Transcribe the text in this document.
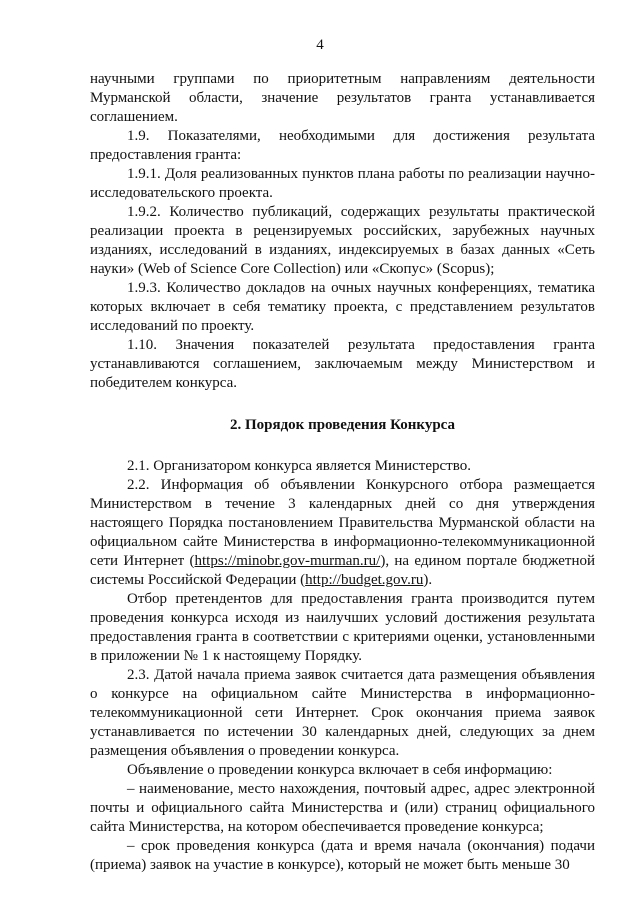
4

научными группами по приоритетным направлениям деятельности Мурманской области, значение результатов гранта устанавливается соглашением.

1.9. Показателями, необходимыми для достижения результата предоставления гранта:

1.9.1. Доля реализованных пунктов плана работы по реализации научно-исследовательского проекта.

1.9.2. Количество публикаций, содержащих результаты практической реализации проекта в рецензируемых российских, зарубежных научных изданиях, исследований в изданиях, индексируемых в базах данных «Сеть науки» (Web of Science Core Collection) или «Скопус» (Scopus);

1.9.3. Количество докладов на очных научных конференциях, тематика которых включает в себя тематику проекта, с представлением результатов исследований по проекту.

1.10. Значения показателей результата предоставления гранта устанавливаются соглашением, заключаемым между Министерством и победителем конкурса.

2. Порядок проведения Конкурса

2.1. Организатором конкурса является Министерство.

2.2. Информация об объявлении Конкурсного отбора размещается Министерством в течение 3 календарных дней со дня утверждения настоящего Порядка постановлением Правительства Мурманской области на официальном сайте Министерства в информационно-телекоммуникационной сети Интернет (https://minobr.gov-murman.ru/), на едином портале бюджетной системы Российской Федерации (http://budget.gov.ru).

Отбор претендентов для предоставления гранта производится путем проведения конкурса исходя из наилучших условий достижения результата предоставления гранта в соответствии с критериями оценки, установленными в приложении № 1 к настоящему Порядку.

2.3. Датой начала приема заявок считается дата размещения объявления о конкурсе на официальном сайте Министерства в информационно-телекоммуникационной сети Интернет. Срок окончания приема заявок устанавливается по истечении 30 календарных дней, следующих за днем размещения объявления о проведении конкурса.

Объявление о проведении конкурса включает в себя информацию:

– наименование, место нахождения, почтовый адрес, адрес электронной почты и официального сайта Министерства и (или) страниц официального сайта Министерства, на котором обеспечивается проведение конкурса;

– срок проведения конкурса (дата и время начала (окончания) подачи (приема) заявок на участие в конкурсе), который не может быть меньше 30
